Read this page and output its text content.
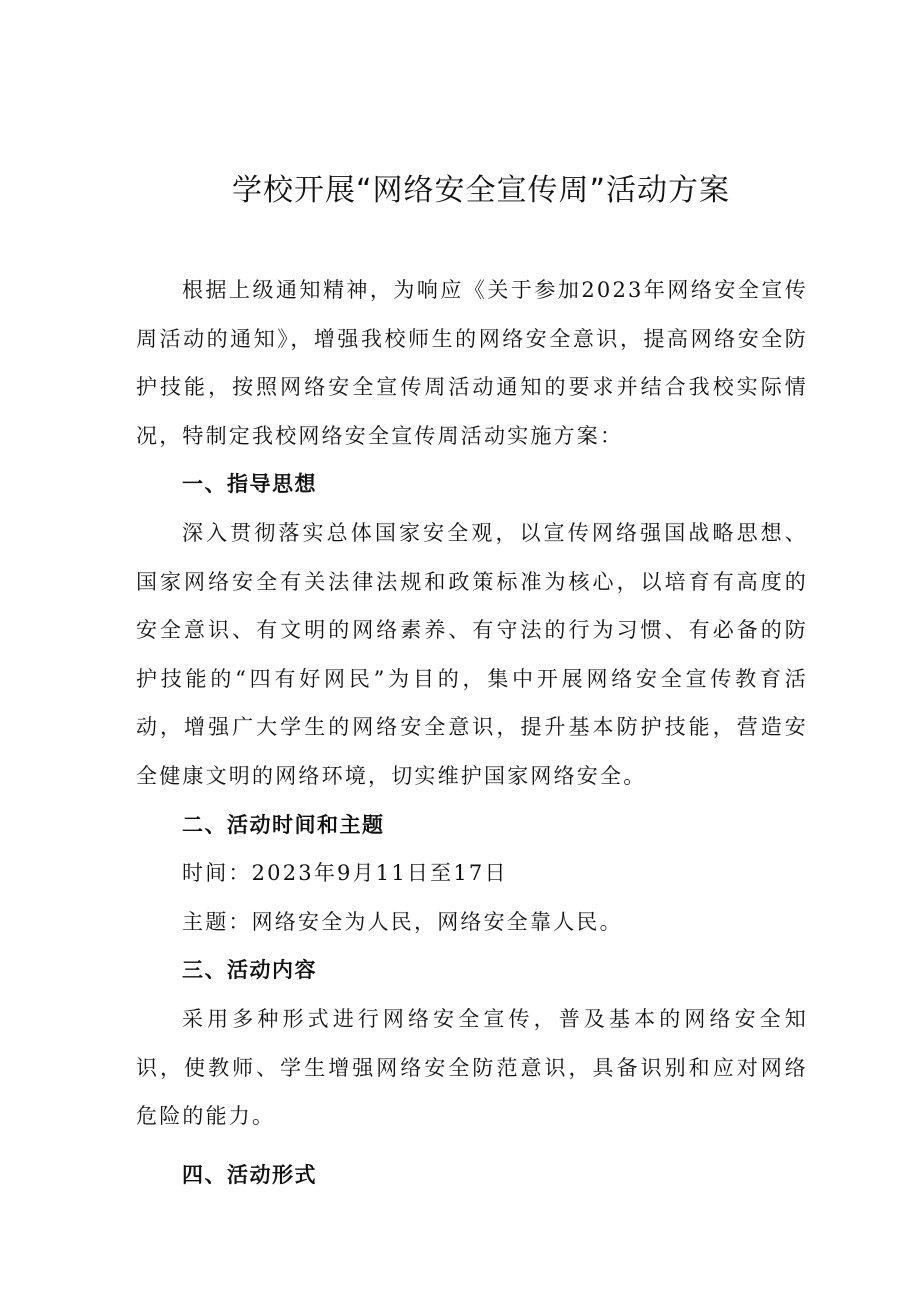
学校开展“网络安全宣传周”活动方案

根据上级通知精神，为响应《关于参加2023年网络安全宣传周活动的通知》，增强我校师生的网络安全意识，提高网络安全防护技能，按照网络安全宣传周活动通知的要求并结合我校实际情况，特制定我校网络安全宣传周活动实施方案：

一、指导思想

深入贯彻落实总体国家安全观，以宣传网络强国战略思想、国家网络安全有关法律法规和政策标准为核心，以培育有高度的安全意识、有文明的网络素养、有守法的行为习惯、有必备的防护技能的“四有好网民”为目的，集中开展网络安全宣传教育活动，增强广大学生的网络安全意识，提升基本防护技能，营造安全健康文明的网络环境，切实维护国家网络安全。

二、活动时间和主题

时间：2023年9月11日至17日

主题：网络安全为人民，网络安全靠人民。

三、活动内容

采用多种形式进行网络安全宣传，普及基本的网络安全知识，使教师、学生增强网络安全防范意识，具备识别和应对网络危险的能力。

四、活动形式
